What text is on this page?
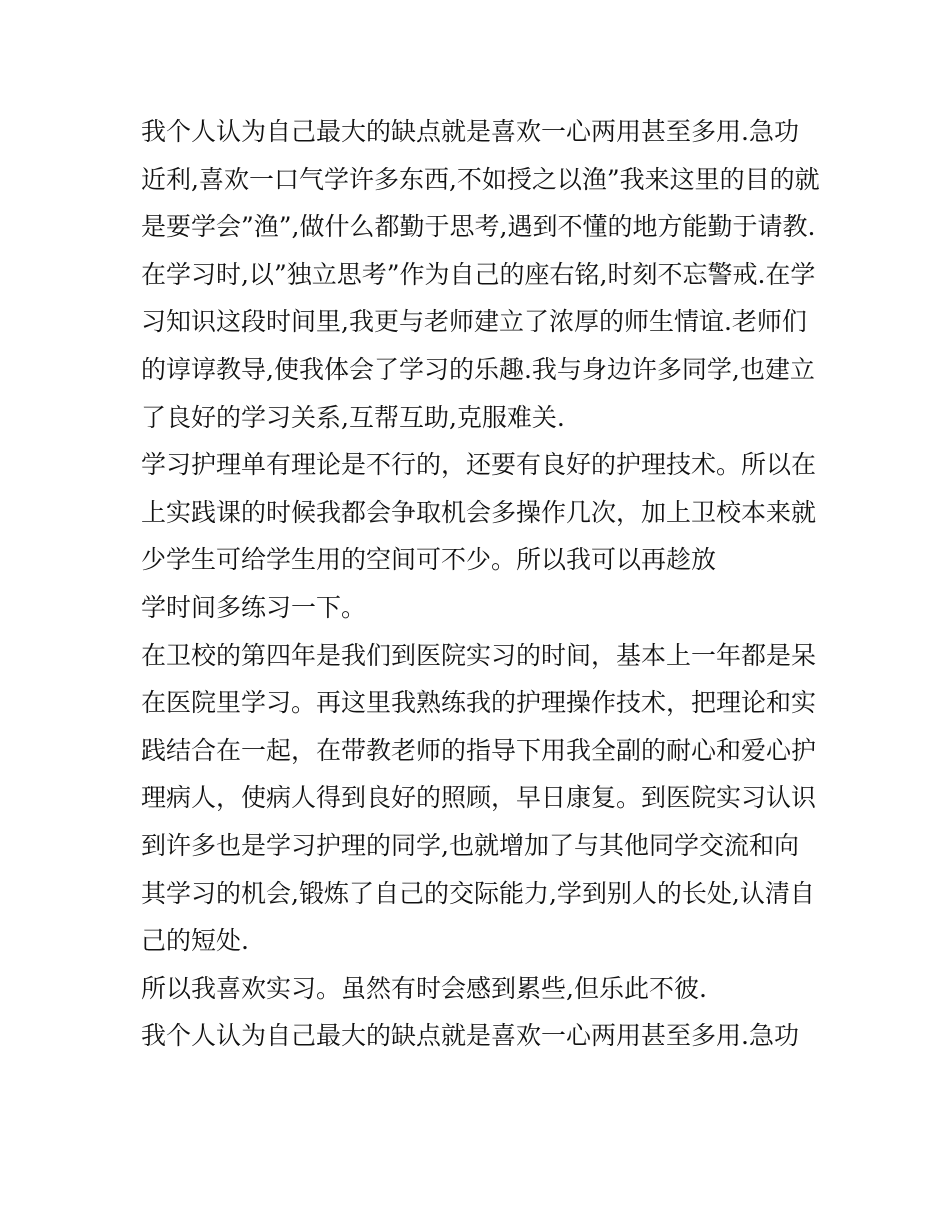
我个人认为自己最大的缺点就是喜欢一心两用甚至多用.急功
近利,喜欢一口气学许多东西,不如授之以渔”我来这里的目的就
是要学会”渔”,做什么都勤于思考,遇到不懂的地方能勤于请教.
在学习时,以”独立思考”作为自己的座右铭,时刻不忘警戒.在学
习知识这段时间里,我更与老师建立了浓厚的师生情谊.老师们
的谆谆教导,使我体会了学习的乐趣.我与身边许多同学,也建立
了良好的学习关系,互帮互助,克服难关.
学习护理单有理论是不行的，还要有良好的护理技术。所以在
上实践课的时候我都会争取机会多操作几次，加上卫校本来就
少学生可给学生用的空间可不少。所以我可以再趁放
学时间多练习一下。
在卫校的第四年是我们到医院实习的时间，基本上一年都是呆
在医院里学习。再这里我熟练我的护理操作技术，把理论和实
践结合在一起，在带教老师的指导下用我全副的耐心和爱心护
理病人，使病人得到良好的照顾，早日康复。到医院实习认识
到许多也是学习护理的同学,也就增加了与其他同学交流和向
其学习的机会,锻炼了自己的交际能力,学到别人的长处,认清自
己的短处.
所以我喜欢实习。虽然有时会感到累些,但乐此不彼.
我个人认为自己最大的缺点就是喜欢一心两用甚至多用.急功
